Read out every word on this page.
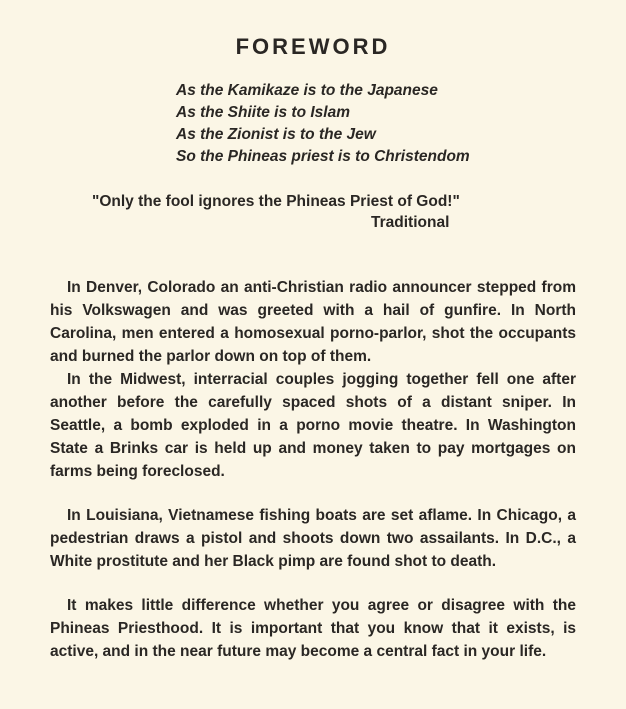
FOREWORD
As the Kamikaze is to the Japanese
As the Shiite is to Islam
As the Zionist is to the Jew
So the Phineas priest is to Christendom
"Only the fool ignores the Phineas Priest of God!"
Traditional

In Denver, Colorado an anti-Christian radio announcer stepped from his Volkswagen and was greeted with a hail of gunfire. In North Carolina, men entered a homosexual porno-parlor, shot the occupants and burned the parlor down on top of them.

In the Midwest, interracial couples jogging together fell one after another before the carefully spaced shots of a distant sniper. In Seattle, a bomb exploded in a porno movie theatre. In Washington State a Brinks car is held up and money taken to pay mortgages on farms being foreclosed.

In Louisiana, Vietnamese fishing boats are set aflame. In Chicago, a pedestrian draws a pistol and shoots down two assailants. In D.C., a White prostitute and her Black pimp are found shot to death.

It makes little difference whether you agree or disagree with the Phineas Priesthood. It is important that you know that it exists, is active, and in the near future may become a central fact in your life.
